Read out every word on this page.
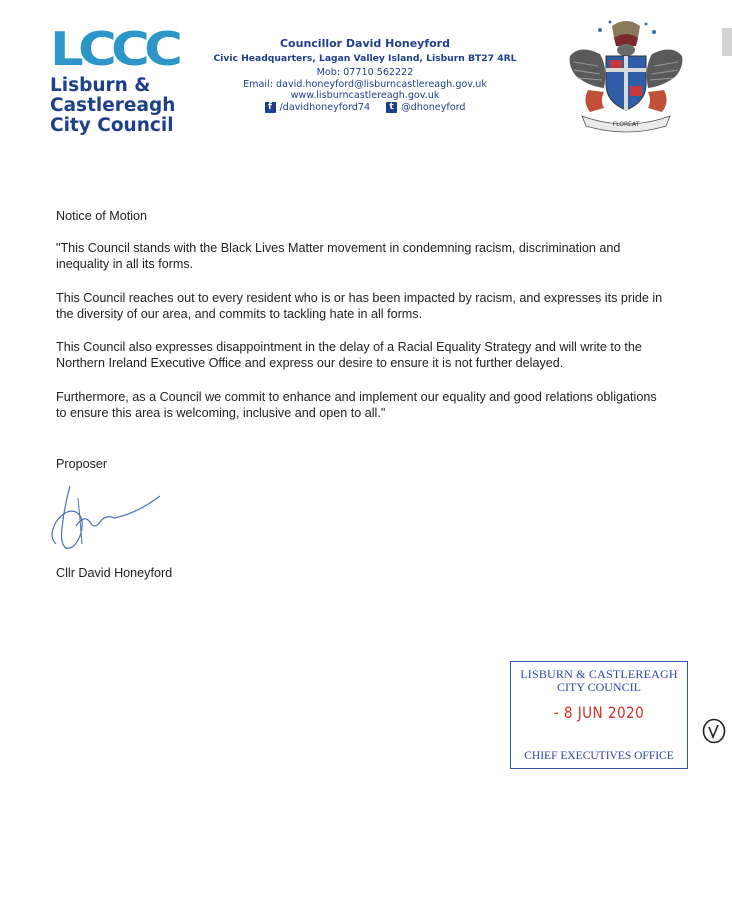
LCCC
Lisburn &
Castlereagh
City Council
Councillor David Honeyford
Civic Headquarters, Lagan Valley Island, Lisburn BT27 4RL
Mob: 07710 562222
Email: david.honeyford@lisburncastlereagh.gov.uk
www.lisburncastlereagh.gov.uk
f /davidhoneyford74	t @dhoneyford
FLOREAT

Notice of Motion

"This Council stands with the Black Lives Matter movement in condemning racism, discrimination and inequality in all its forms.

This Council reaches out to every resident who is or has been impacted by racism, and expresses its pride in the diversity of our area, and commits to tackling hate in all forms.

This Council also expresses disappointment in the delay of a Racial Equality Strategy and will write to the Northern Ireland Executive Office and express our desire to ensure it is not further delayed.

Furthermore, as a Council we commit to enhance and implement our equality and good relations obligations to ensure this area is welcoming, inclusive and open to all."

Proposer

Cllr David Honeyford

LISBURN & CASTLEREAGH
CITY COUNCIL
- 8 JUN 2020
CHIEF EXECUTIVES OFFICE
